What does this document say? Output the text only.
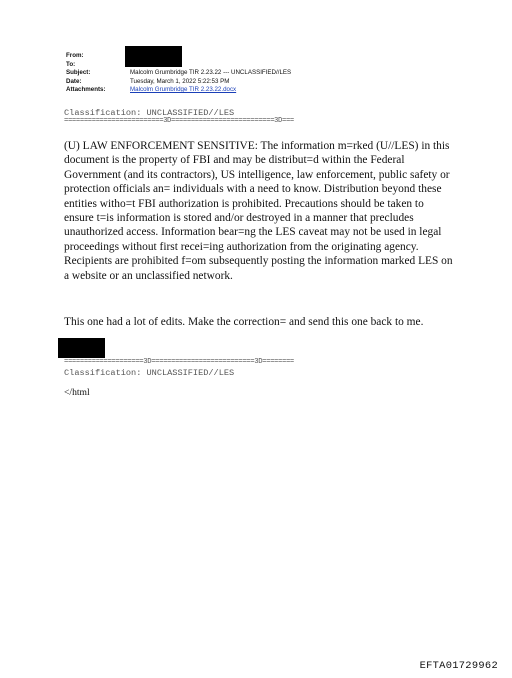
From:
To:
Subject:	Malcolm Grumbridge TIR 2.23.22 --- UNCLASSIFIED//LES
Date:	Tuesday, March 1, 2022 5:22:53 PM
Attachments:	Malcolm Grumbridge TIR 2.23.22.docx
Classification: UNCLASSIFIED//LES
=========================3D==========================3D===
(U) LAW ENFORCEMENT SENSITIVE: The information m=rked (U//LES) in this document is the property of FBI and may be distribut=d within the Federal Government (and its contractors), US intelligence, law enforcement, public safety or protection officials an= individuals with a need to know. Distribution beyond these entities witho=t FBI authorization is prohibited. Precautions should be taken to ensure t=is information is stored and/or destroyed in a manner that precludes unauthorized access. Information bear=ng the LES caveat may not be used in legal proceedings without first recei=ing authorization from the originating agency. Recipients are prohibited f=om subsequently posting the information marked LES on a website or an unclassified network.
This one had a lot of edits. Make the correction= and send this one back to me.
====================3D==========================3D========
Classification: UNCLASSIFIED//LES
</html
EFTA01729962
